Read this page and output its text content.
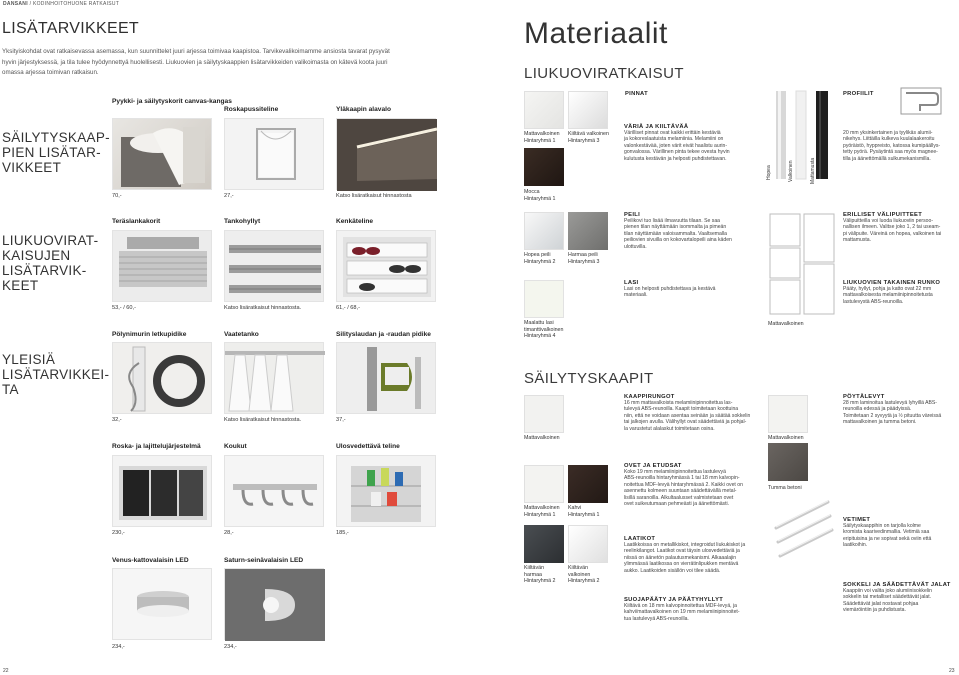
DANSANI / KODINHOITOHUONE RATKAISUT
LISÄTARVIKKEET
Yksityiskohdat ovat ratkaisevassa asemassa, kun suunnittelet juuri arjessa toimivaa kaapistoa. Tarvikevalikoimamme ansiosta tavarat pysyvät
hyvin järjestyksessä, ja tila tulee hyödynnettyä huolellisesti. Liukuovien ja säilytyskaappien lisätarvikkeiden valikoimasta on kätevä koota juuri
omassa arjessa toimivan ratkaisun.
SÄILYTYSKAAP-
PIEN LISÄTAR-
VIKKEET
LIUKUOVIRAT-
KAISUJEN
LISÄTARVIK-
KEET
YLEISIÄ
LISÄTARVIKKEI-
TA
Pyykki- ja säilytyskorit canvas-kangas
Roskapussiteline	Yläkaapin alavalo
70,-	27,-	Katso lisäratkaisut hinnastosta
Teräslankakorit	Tankohyllyt	Kenkäteline
53,- / 60,-	Katso lisäratkaisut hinnastosta.	61,- / 68,-
Pölynimurin letkupidike	Vaatetanko	Silityslaudan ja -raudan pidike
32,-	Katso lisäratkaisut hinnastosta.	37,-
Roska- ja lajittelujärjestelmä	Koukut	Ulosvedettävä teline
230,-	28,-	185,-
Venus-kattovalaisin LED	Saturn-seinävalaisin LED
234,-	234,-
22
Materiaalit
LIUKUOVIRATKAISUT
PINNAT	PROFIILIT
Mattavalkoinen
Hintaryhmä 1
Kiiltävä valkoinen
Hintaryhmä 3
VÄRIÄ JA KIILTÄVÄÄ
Värilliset pinnat ovat kaikki erittäin kestäviä
ja kokoreslaatuista melamiinia. Melamiini on
valonkestävää, joten värit eivät haalistu aurin-
gonvalossa. Värillinen pinta tekee ovesta hyvin
kulutusta kestävän ja helposti puhdistettavan.
Hopea	Valkoinen	Mattamusta
20 mm yksinkertainen ja tyylikäs alumii-
nikehys. Liittäilla kulkeva kuulalaakeroitu
pyöräistö, hyppreisto, katossa kumipäällys-
tetty pyörä. Pysäytintä saa myös magnee-
tilla ja äänettömällä sulkumekanismilla.
Mocca
Hintaryhmä 1
Hopea peili
Hintaryhmä 2
Harmaa peili
Hintaryhmä 3
PEILI
Peilikovi tuo lisää ilmavuutta tilaan. Se saa
pienen tilan näyttämään isommalta ja pimeän
tilan näyttämään valoisammalta. Vaaltsemalla
peiliovien sivuilla on kokovartalopeili aina käden
ulottuvilla.
ERILLISET VÄLIPUITTEET
Välipuitteilla voi luoda liukuoviin persoo-
nallisen ilmeen. Valitse joko 1, 2 tai useam-
pi välipuite. Väreinä on hopea, valkoinen tai
mattamusta.
Maalattu lasi
timanttivalkoinen
Hintaryhmä 4
LASI
Lasi on helposti puhdistettava ja kestävä
materiaali.
Mattavalkoinen
LIUKUOVIEN TAKAINEN RUNKO
Pääty, hyllyt, pohja ja katto ovat 22 mm
mattavalkoisesta melamiinipinnoitetusta
lastulevystä ABS-reunoilla.
SÄILYTYSKAAPIT
Mattavalkoinen
KAAPPIRUNGOT
16 mm mattavalkoista melamiinipinnoitettua las-
tulevyä ABS-reunoilla. Kaapit toimitetaan koottuina
niin, että ne voidaan asentaa seinään ja säätää sokkelin
tai jalkojen avulla. Välihyllyt ovat säädettäviä ja pohjal-
la varustetut alalaskut toimitetaan osina.
Mattavalkoinen
Tumma betoni
PÖYTÄLEVYT
28 mm laminoitua lastulevyä lyhyillä ABS-
reunoilla edessä ja päädyissä.
Toimitetaan 2 syvyytä ja ½ pituutta väreissä
mattavalkoinen ja tumma betoni.
Mattavalkoinen
Hintaryhmä 1
Kahvi
Hintaryhmä 1
OVET JA ETUDSAT
Koko 19 mm melamiinipinnoitettua lastulevyä
ABS-reunoilla hintaryhmässä 1 tai 18 mm kalvopin-
noitettua MDF-levyä hintaryhmässä 2. Kaikki ovet on
asennettu kolmeen suuntaan säädettävällä metal-
lisillä saranoilla. Alkultaalusset valmistetaan ovet
ovet suikeutumaan pehmeästi ja äänettömästi.
VETIMET
Säilytyskaappihin on tarjolla kolme
kromista kaarivedinmallia. Vetimiä saa
eripituisina ja ne sopivat sekä oviin että
laatikoihin.
Kiiltävän
harmaa
Hintaryhmä 2
Kiiltävän
valkoinen
Hintaryhmä 2
LAATIKOT
Laatikkoissa on metallikiskot, integroidut liukukiskot ja
reelinkilangot. Laatikot ovat täysin ulosvedettäviä ja
niissä on äänetön palautusmekanismi. Alkaaalajin
ylimmässä laatikossa on vierrätinlipukken mentävä
aukko. Laatikoiden sisällön voi tilee säädä.
SOKKELI JA SÄÄDETTÄVÄT JALAT
Kaappiin voi valita joko alumiinisokkelin
sokkelin tai metalliset säädettävät jalat.
Säädettävät jalat nostavat pohjaa
viemäröintiin ja puhdistusta.
SUOJAPÄÄTY JA PÄÄTYHYLLYT
Kiiltävä on 18 mm kalvopinnoitettua MDF-levyä, ja
kahvi/mattavalkoinen on 19 mm melamiinipinnoitet-
tua lastulevyä ABS-reunoilla.
23
